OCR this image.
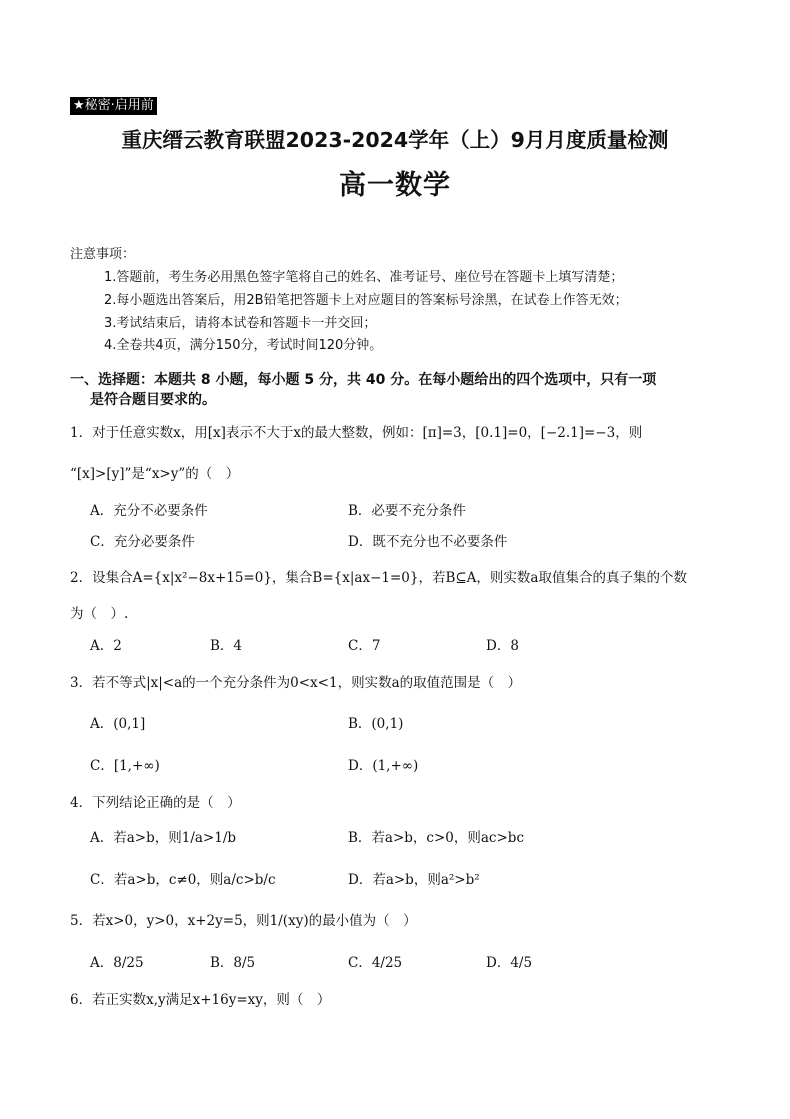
★秘密·启用前
重庆缙云教育联盟2023-2024学年（上）9月月度质量检测
高一数学
注意事项：
1.答题前，考生务必用黑色签字笔将自己的姓名、准考证号、座位号在答题卡上填写清楚；
2.每小题选出答案后，用2B铅笔把答题卡上对应题目的答案标号涂黑，在试卷上作答无效；
3.考试结束后，请将本试卷和答题卡一并交回；
4.全卷共4页，满分150分，考试时间120分钟。
一、选择题：本题共 8 小题，每小题 5 分，共 40 分。在每小题给出的四个选项中，只有一项
是符合题目要求的。
1．对于任意实数x，用[x]表示不大于x的最大整数，例如：[π]=3，[0.1]=0，[−2.1]=−3，则
“[x]>[y]”是“x>y”的（　）
A．充分不必要条件	B．必要不充分条件
C．充分必要条件	D．既不充分也不必要条件
2．设集合A={x|x²−8x+15=0}，集合B={x|ax−1=0}，若B⊆A，则实数a取值集合的真子集的个数
为（　）.
A．2	B．4	C．7	D．8
3．若不等式|x|<a的一个充分条件为0<x<1，则实数a的取值范围是（　）
A．(0,1]	B．(0,1)
C．[1,+∞)	D．(1,+∞)
4．下列结论正确的是（　）
A．若a>b，则1/a>1/b	B．若a>b，c>0，则ac>bc
C．若a>b，c≠0，则a/c>b/c	D．若a>b，则a²>b²
5．若x>0，y>0，x+2y=5，则1/(xy)的最小值为（　）
A．8/25	B．8/5	C．4/25	D．4/5
6．若正实数x,y满足x+16y=xy，则（　）
